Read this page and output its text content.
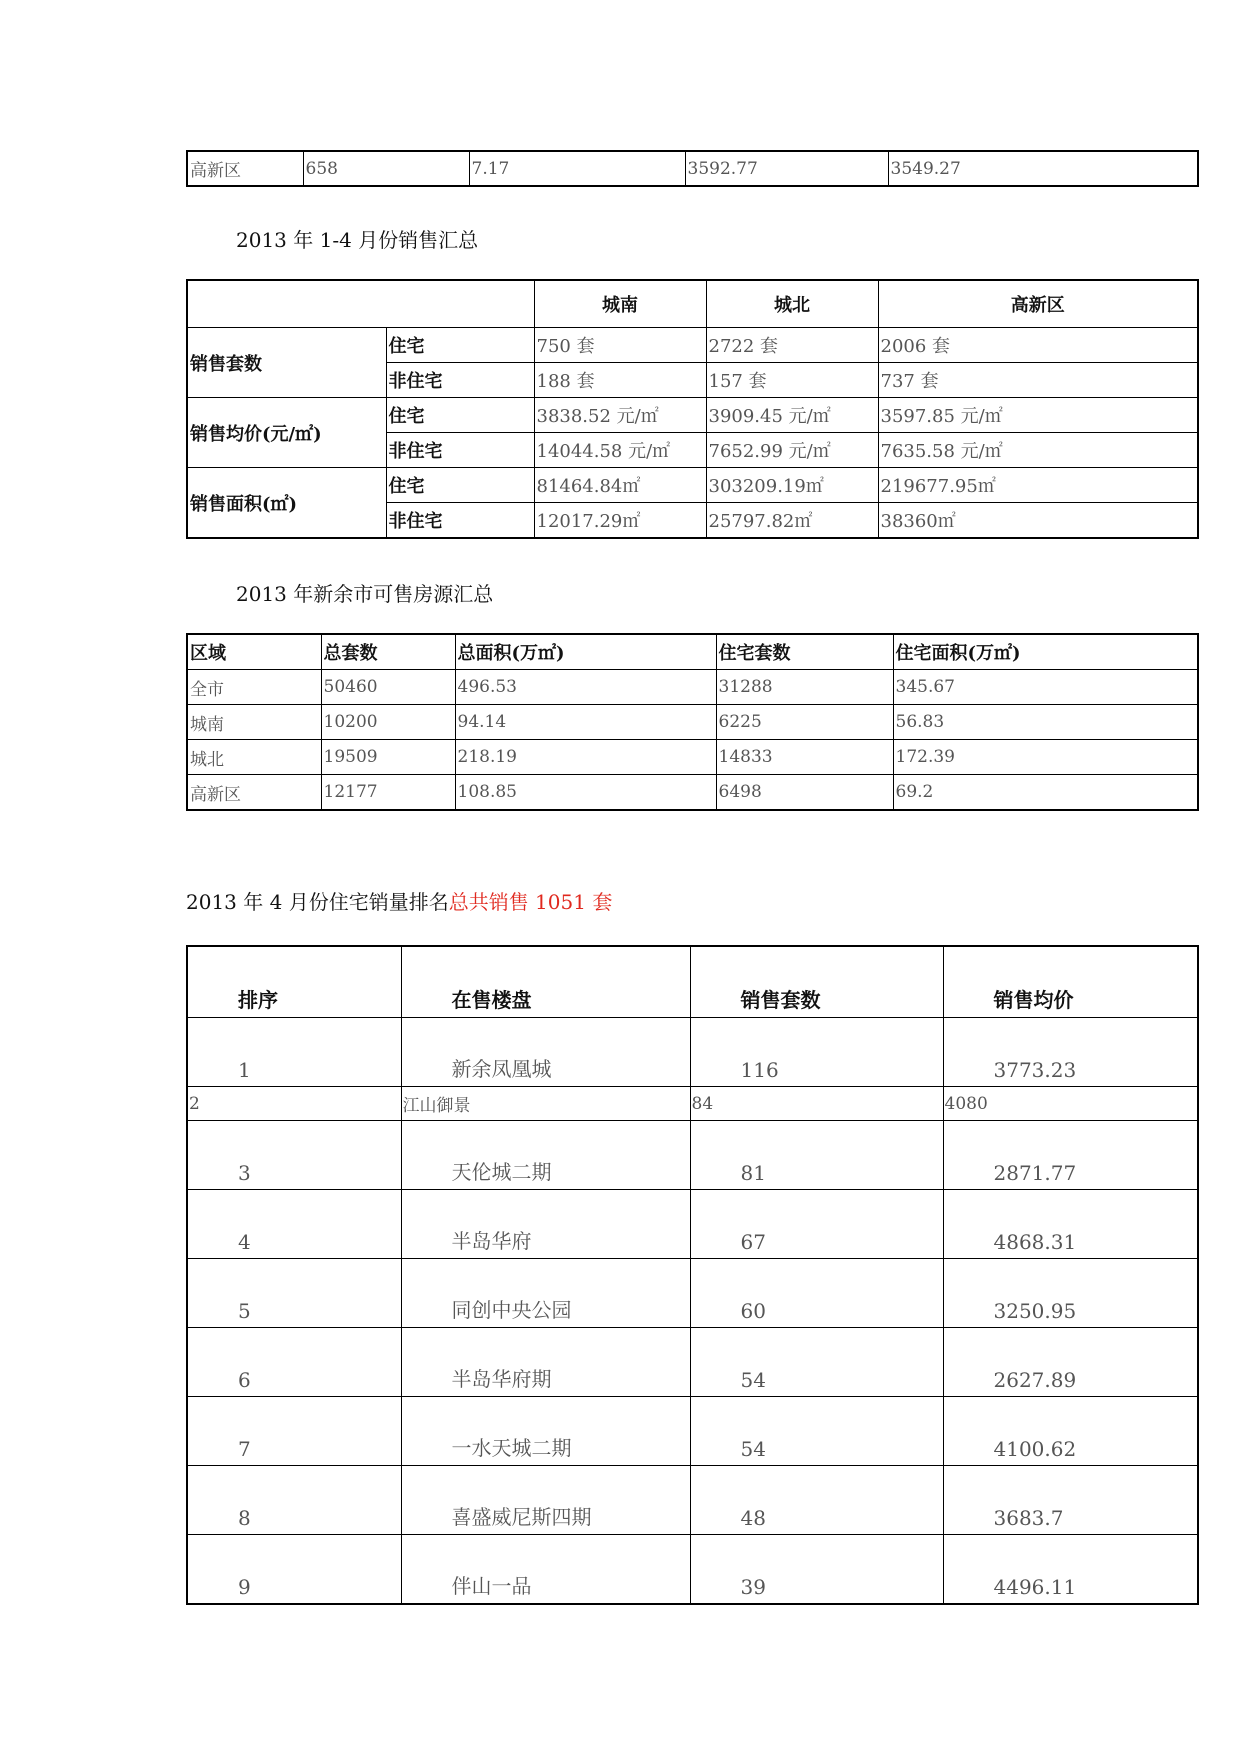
高新区	658	7.17	3592.77	3549.27
2013 年 1-4 月份销售汇总
		城南	城北	高新区
销售套数	住宅	750 套	2722 套	2006 套
	非住宅	188 套	157 套	737 套
销售均价(元/㎡)	住宅	3838.52 元/㎡	3909.45 元/㎡	3597.85 元/㎡
	非住宅	14044.58 元/㎡	7652.99 元/㎡	7635.58 元/㎡
销售面积(㎡)	住宅	81464.84㎡	303209.19㎡	219677.95㎡
	非住宅	12017.29㎡	25797.82㎡	38360㎡
2013 年新余市可售房源汇总
区域	总套数	总面积(万㎡)	住宅套数	住宅面积(万㎡)
全市	50460	496.53	31288	345.67
城南	10200	94.14	6225	56.83
城北	19509	218.19	14833	172.39
高新区	12177	108.85	6498	69.2
2013 年 4 月份住宅销量排名总共销售 1051 套
排序	在售楼盘	销售套数	销售均价
1	新余凤凰城	116	3773.23
2	江山御景	84	4080
3	天伦城二期	81	2871.77
4	半岛华府	67	4868.31
5	同创中央公园	60	3250.95
6	半岛华府期	54	2627.89
7	一水天城二期	54	4100.62
8	喜盛威尼斯四期	48	3683.7
9	伴山一品	39	4496.11
